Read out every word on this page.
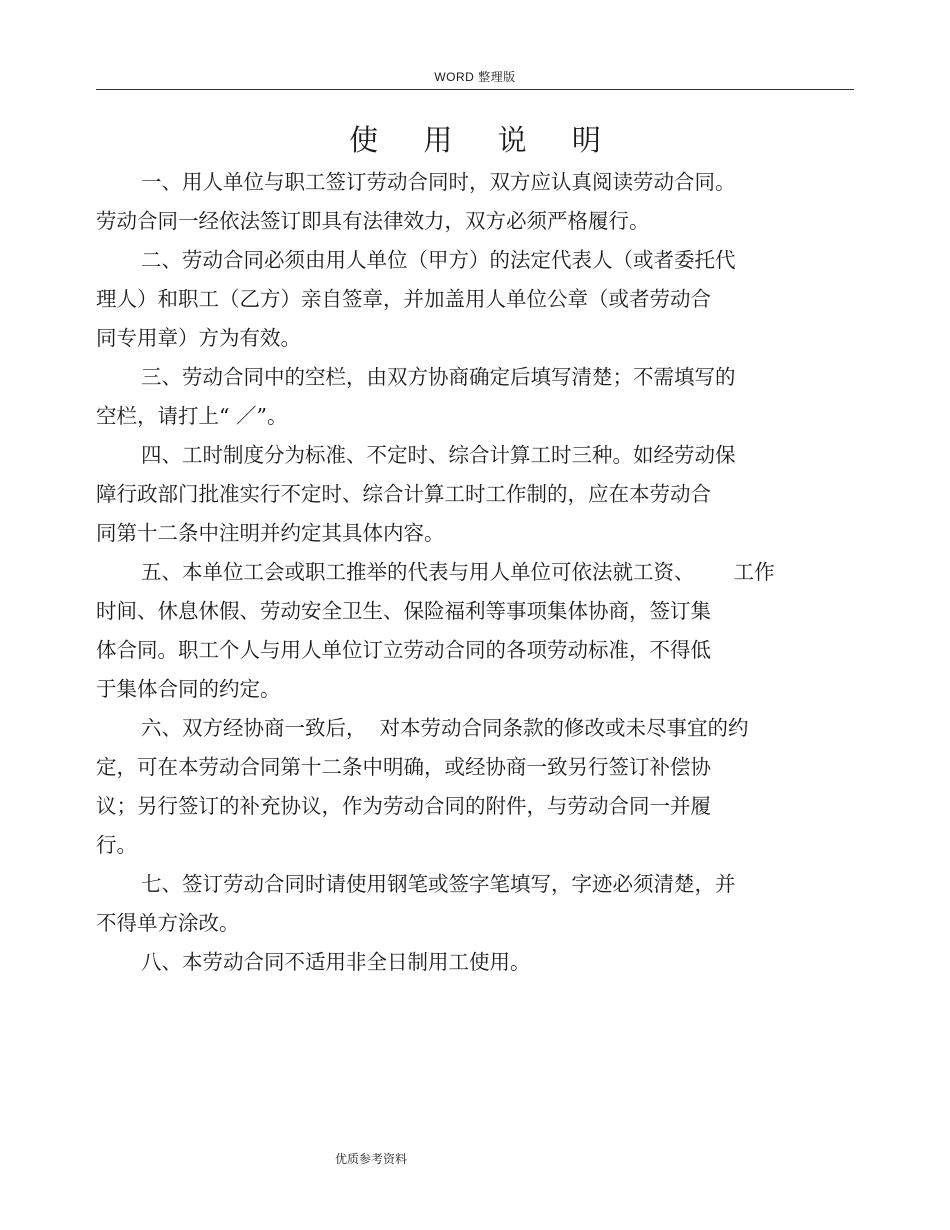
WORD 整理版
使 用 说 明
一、用人单位与职工签订劳动合同时，双方应认真阅读劳动合同。
劳动合同一经依法签订即具有法律效力，双方必须严格履行。
二、劳动合同必须由用人单位（甲方）的法定代表人（或者委托代
理人）和职工（乙方）亲自签章，并加盖用人单位公章（或者劳动合
同专用章）方为有效。
三、劳动合同中的空栏，由双方协商确定后填写清楚；不需填写的
空栏，请打上“ ／”。
四、工时制度分为标准、不定时、综合计算工时三种。如经劳动保
障行政部门批准实行不定时、综合计算工时工作制的，应在本劳动合
同第十二条中注明并约定其具体内容。
五、本单位工会或职工推举的代表与用人单位可依法就工资、      工作
时间、休息休假、劳动安全卫生、保险福利等事项集体协商，签订集
体合同。职工个人与用人单位订立劳动合同的各项劳动标准，不得低
于集体合同的约定。
六、双方经协商一致后，  对本劳动合同条款的修改或未尽事宜的约
定，可在本劳动合同第十二条中明确，或经协商一致另行签订补偿协
议；另行签订的补充协议，作为劳动合同的附件，与劳动合同一并履
行。
七、签订劳动合同时请使用钢笔或签字笔填写，字迹必须清楚，并
不得单方涂改。
八、本劳动合同不适用非全日制用工使用。
优质参考资料
